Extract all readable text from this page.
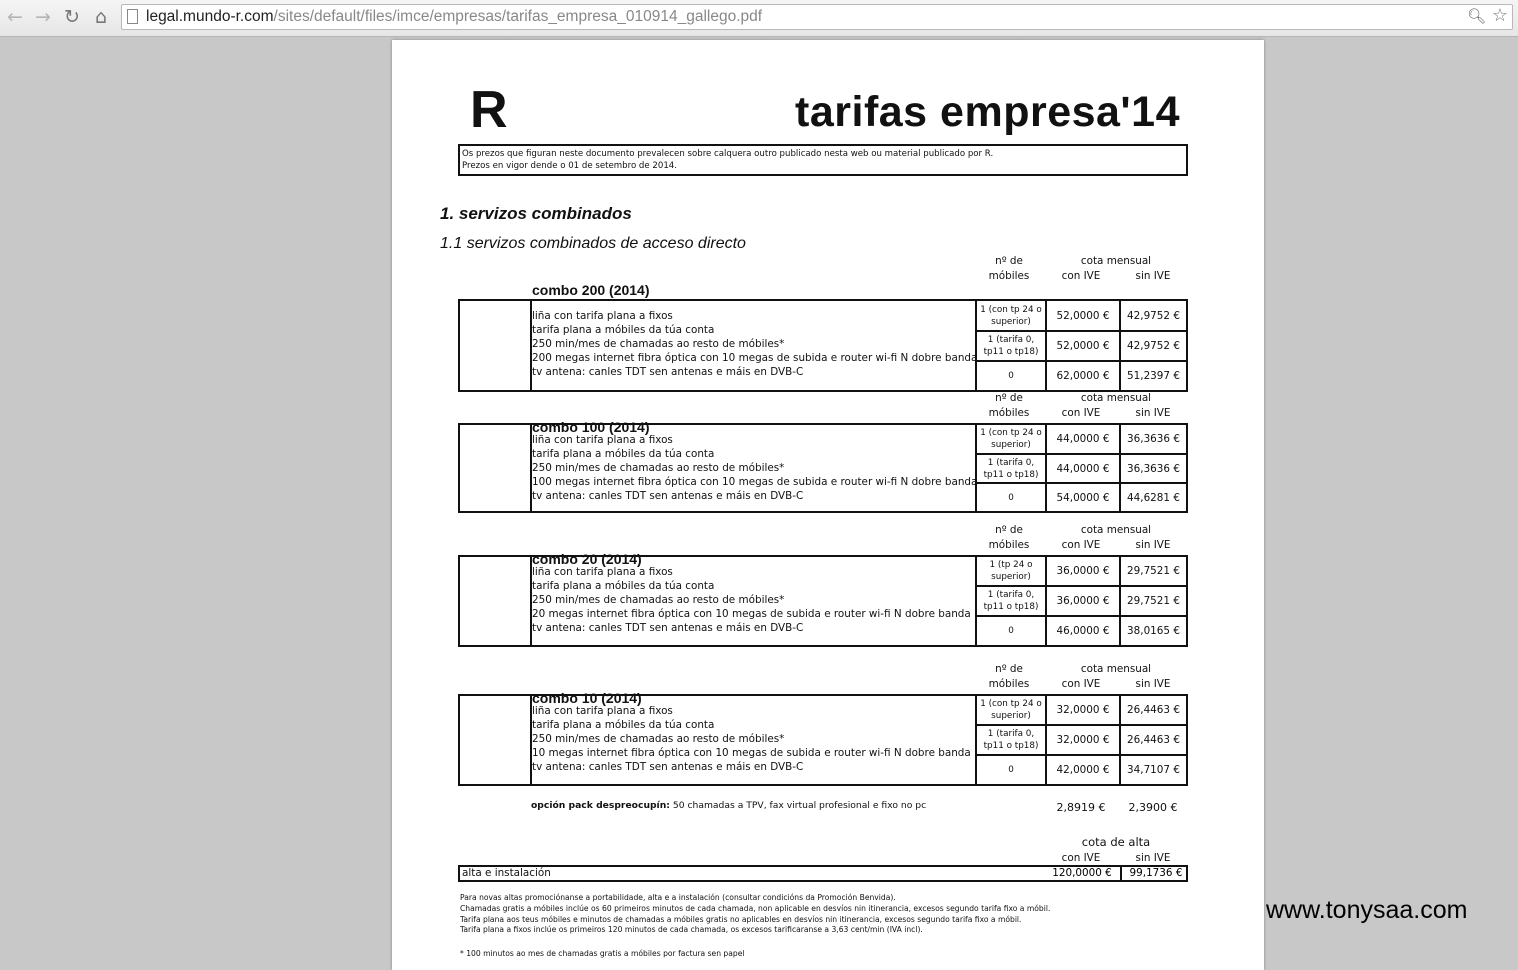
← → ↻ ⌂	legal.mundo-r.com/sites/default/files/imce/empresas/tarifas_empresa_010914_gallego.pdf	🔍︎ ☆
R	tarifas empresa'14
Os prezos que figuran neste documento prevalecen sobre calquera outro publicado nesta web ou material publicado por R.
Prezos en vigor dende o 01 de setembro de 2014.
1. servizos combinados
1.1 servizos combinados de acceso directo
nº de
móbiles
cota mensual
con IVE	sin IVE
combo 200 (2014)
liña con tarifa plana a fixos
tarifa plana a móbiles da túa conta
250 min/mes de chamadas ao resto de móbiles*
200 megas internet fibra óptica con 10 megas de subida e router wi-fi N dobre banda
tv antena: canles TDT sen antenas e máis en DVB-C
1 (con tp 24 o superior)	52,0000 €	42,9752 €
1 (tarifa 0, tp11 o tp18)	52,0000 €	42,9752 €
0	62,0000 €	51,2397 €
nº de
móbiles
cota mensual
con IVE	sin IVE
combo 100 (2014)
liña con tarifa plana a fixos
tarifa plana a móbiles da túa conta
250 min/mes de chamadas ao resto de móbiles*
100 megas internet fibra óptica con 10 megas de subida e router wi-fi N dobre banda
tv antena: canles TDT sen antenas e máis en DVB-C
1 (con tp 24 o superior)	44,0000 €	36,3636 €
1 (tarifa 0, tp11 o tp18)	44,0000 €	36,3636 €
0	54,0000 €	44,6281 €
nº de
móbiles
cota mensual
con IVE	sin IVE
combo 20 (2014)
liña con tarifa plana a fixos
tarifa plana a móbiles da túa conta
250 min/mes de chamadas ao resto de móbiles*
20 megas internet fibra óptica con 10 megas de subida e router wi-fi N dobre banda
tv antena: canles TDT sen antenas e máis en DVB-C
1 (tp 24 o superior)	36,0000 €	29,7521 €
1 (tarifa 0, tp11 o tp18)	36,0000 €	29,7521 €
0	46,0000 €	38,0165 €
nº de
móbiles
cota mensual
con IVE	sin IVE
combo 10 (2014)
liña con tarifa plana a fixos
tarifa plana a móbiles da túa conta
250 min/mes de chamadas ao resto de móbiles*
10 megas internet fibra óptica con 10 megas de subida e router wi-fi N dobre banda
tv antena: canles TDT sen antenas e máis en DVB-C
1 (con tp 24 o superior)	32,0000 €	26,4463 €
1 (tarifa 0, tp11 o tp18)	32,0000 €	26,4463 €
0	42,0000 €	34,7107 €
opción pack despreocupín: 50 chamadas a TPV, fax virtual profesional e fixo no pc	2,8919 €	2,3900 €
cota de alta
con IVE	sin IVE
alta e instalación	120,0000 €	99,1736 €
Para novas altas promociónanse a portabilidade, alta e a instalación (consultar condicións da Promoción Benvida).
Chamadas gratis a móbiles inclúe os 60 primeiros minutos de cada chamada, non aplicable en desvíos nin itinerancia, excesos segundo tarifa fixo a móbil.
Tarifa plana aos teus móbiles e minutos de chamadas a móbiles gratis no aplicables en desvíos nin itinerancia, excesos segundo tarifa fixo a móbil.
Tarifa plana a fixos inclúe os primeiros 120 minutos de cada chamada, os excesos tarificaranse a 3,63 cent/min (IVA incl).
* 100 minutos ao mes de chamadas gratis a móbiles por factura sen papel
www.tonysaa.com
